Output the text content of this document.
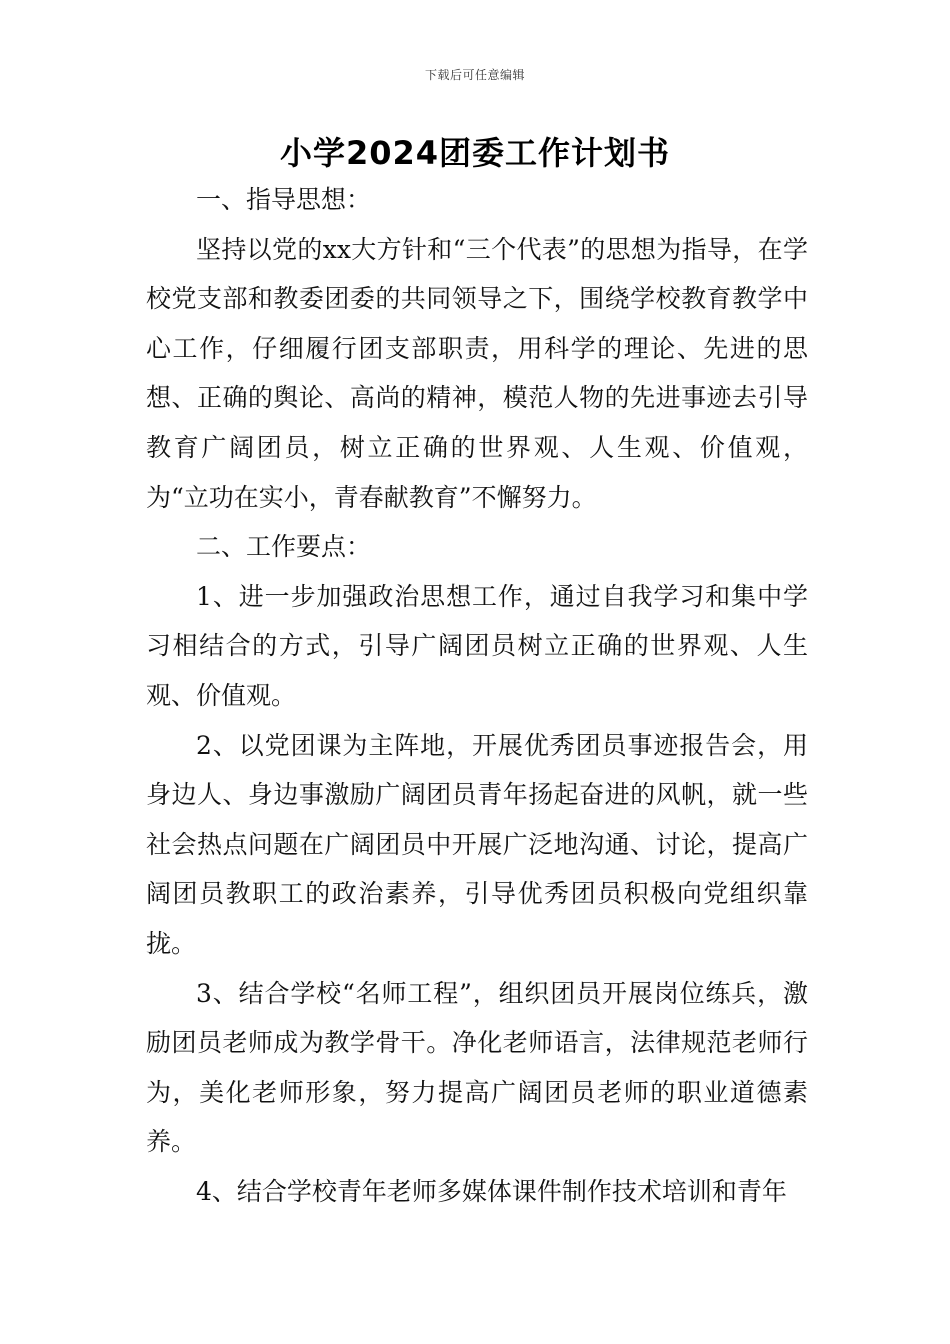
下载后可任意编辑
小学2024团委工作计划书

一、指导思想：

坚持以党的xx大方针和“三个代表”的思想为指导，在学校党支部和教委团委的共同领导之下，围绕学校教育教学中心工作，仔细履行团支部职责，用科学的理论、先进的思想、正确的舆论、高尚的精神，模范人物的先进事迹去引导教育广阔团员，树立正确的世界观、人生观、价值观，为“立功在实小，青春献教育”不懈努力。

二、工作要点：

1、进一步加强政治思想工作，通过自我学习和集中学习相结合的方式，引导广阔团员树立正确的世界观、人生观、价值观。

2、以党团课为主阵地，开展优秀团员事迹报告会，用身边人、身边事激励广阔团员青年扬起奋进的风帆，就一些社会热点问题在广阔团员中开展广泛地沟通、讨论，提高广阔团员教职工的政治素养，引导优秀团员积极向党组织靠拢。

3、结合学校“名师工程”，组织团员开展岗位练兵，激励团员老师成为教学骨干。净化老师语言，法律规范老师行为，美化老师形象，努力提高广阔团员老师的职业道德素养。

4、结合学校青年老师多媒体课件制作技术培训和青年
